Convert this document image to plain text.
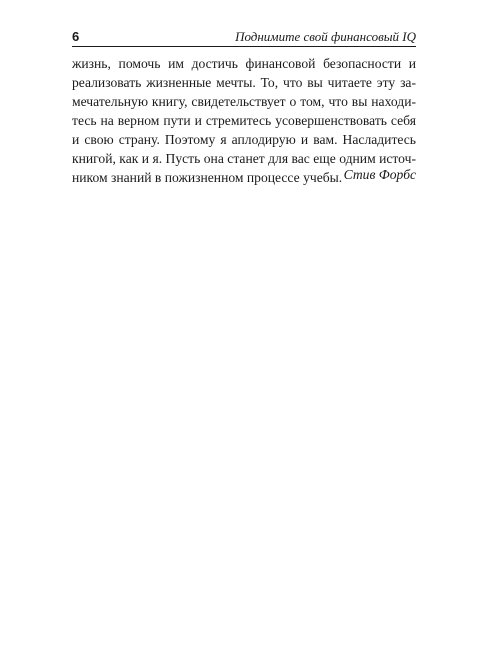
6	Поднимите свой финансовый IQ
жизнь, помочь им достичь финансовой безопасности и
реализовать жизненные мечты. То, что вы читаете эту за-
мечательную книгу, свидетельствует о том, что вы находи-
тесь на верном пути и стремитесь усовершенствовать себя
и свою страну. Поэтому я аплодирую и вам. Насладитесь
книгой, как и я. Пусть она станет для вас еще одним источ-
ником знаний в пожизненном процессе учебы. Стив Форбс
